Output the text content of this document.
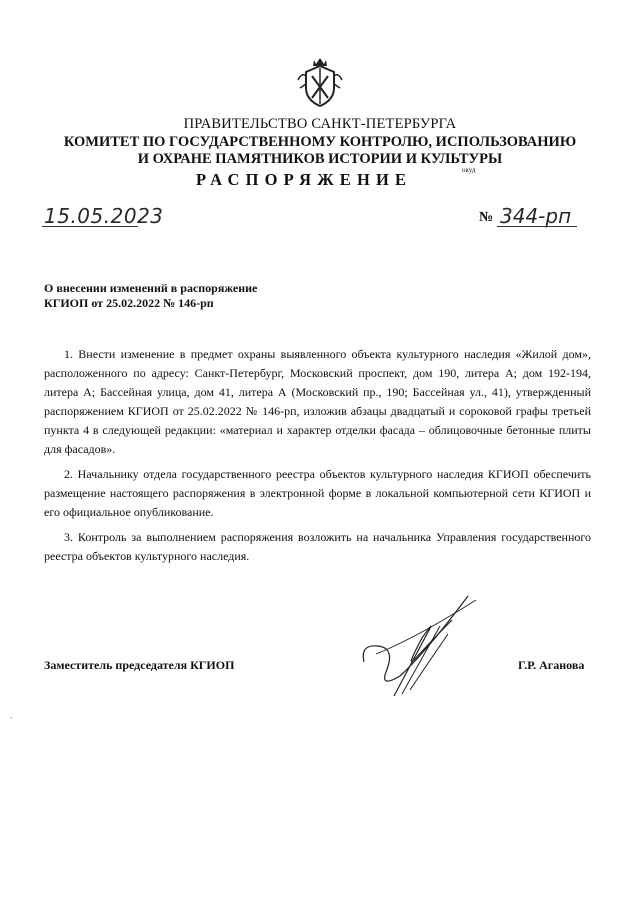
ПРАВИТЕЛЬСТВО САНКТ-ПЕТЕРБУРГА
КОМИТЕТ ПО ГОСУДАРСТВЕННОМУ КОНТРОЛЮ, ИСПОЛЬЗОВАНИЮ
И ОХРАНЕ ПАМЯТНИКОВ ИСТОРИИ И КУЛЬТУРЫ
РАСПОРЯЖЕНИЕ	окуд
15.05.2023	№ 344-рп
О внесении изменений в распоряжение
КГИОП от 25.02.2022 № 146-рп

1. Внести изменение в предмет охраны выявленного объекта культурного наследия «Жилой дом», расположенного по адресу: Санкт-Петербург, Московский проспект, дом 190, литера А; дом 192-194, литера А; Бассейная улица, дом 41, литера А (Московский пр., 190; Бассейная ул., 41), утвержденный распоряжением КГИОП от 25.02.2022 № 146-рп, изложив абзацы двадцатый и сороковой графы третьей пункта 4 в следующей редакции: «материал и характер отделки фасада – облицовочные бетонные плиты для фасадов».

2. Начальнику отдела государственного реестра объектов культурного наследия КГИОП обеспечить размещение настоящего распоряжения в электронной форме в локальной компьютерной сети КГИОП и его официальное опубликование.

3. Контроль за выполнением распоряжения возложить на начальника Управления государственного реестра объектов культурного наследия.

Заместитель председателя КГИОП	Г.Р. Аганова
-
